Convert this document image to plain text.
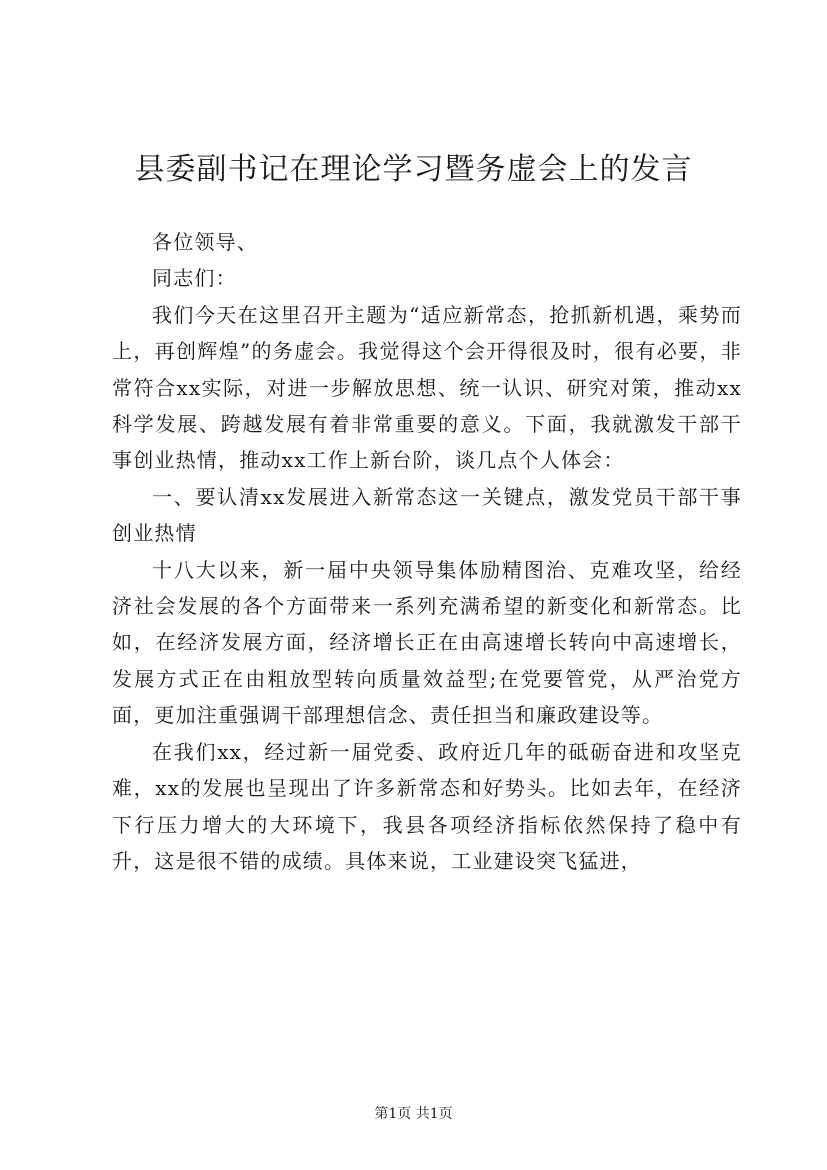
县委副书记在理论学习暨务虚会上的发言

各位领导、

同志们：

我们今天在这里召开主题为“适应新常态，抢抓新机遇，乘势而上，再创辉煌”的务虚会。我觉得这个会开得很及时，很有必要，非常符合xx实际，对进一步解放思想、统一认识、研究对策，推动xx科学发展、跨越发展有着非常重要的意义。下面，我就激发干部干事创业热情，推动xx工作上新台阶，谈几点个人体会：

一、要认清xx发展进入新常态这一关键点，激发党员干部干事创业热情

十八大以来，新一届中央领导集体励精图治、克难攻坚，给经济社会发展的各个方面带来一系列充满希望的新变化和新常态。比如，在经济发展方面，经济增长正在由高速增长转向中高速增长，发展方式正在由粗放型转向质量效益型;在党要管党，从严治党方面，更加注重强调干部理想信念、责任担当和廉政建设等。

在我们xx，经过新一届党委、政府近几年的砥砺奋进和攻坚克难，xx的发展也呈现出了许多新常态和好势头。比如去年，在经济下行压力增大的大环境下，我县各项经济指标依然保持了稳中有升，这是很不错的成绩。具体来说，工业建设突飞猛进，

第1页 共1页
